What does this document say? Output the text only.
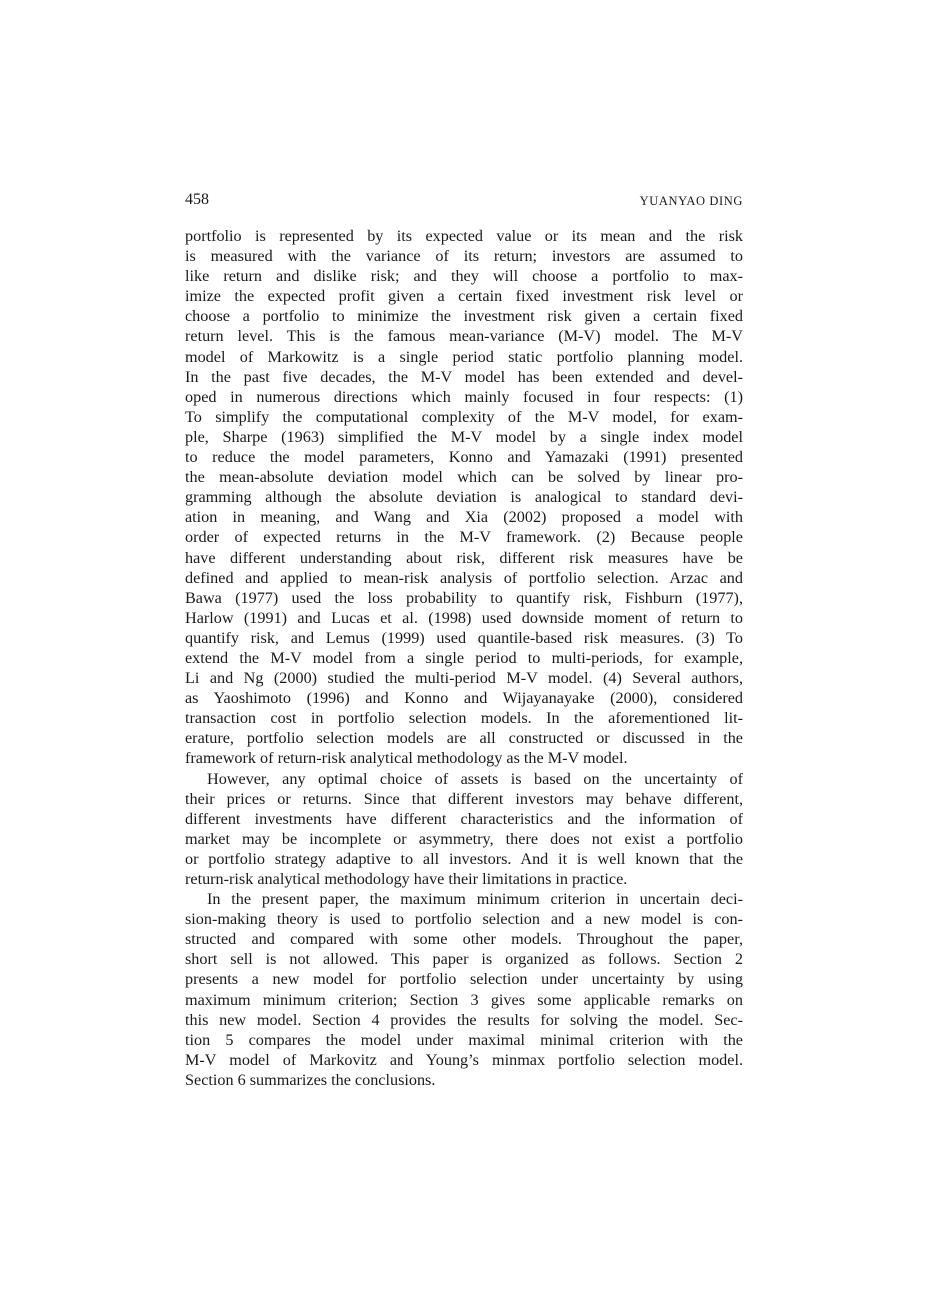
458	YUANYAO DING
portfolio is represented by its expected value or its mean and the risk
is measured with the variance of its return; investors are assumed to
like return and dislike risk; and they will choose a portfolio to max-
imize the expected profit given a certain fixed investment risk level or
choose a portfolio to minimize the investment risk given a certain fixed
return level. This is the famous mean-variance (M-V) model. The M-V
model of Markowitz is a single period static portfolio planning model.
In the past five decades, the M-V model has been extended and devel-
oped in numerous directions which mainly focused in four respects: (1)
To simplify the computational complexity of the M-V model, for exam-
ple, Sharpe (1963) simplified the M-V model by a single index model
to reduce the model parameters, Konno and Yamazaki (1991) presented
the mean-absolute deviation model which can be solved by linear pro-
gramming although the absolute deviation is analogical to standard devi-
ation in meaning, and Wang and Xia (2002) proposed a model with
order of expected returns in the M-V framework. (2) Because people
have different understanding about risk, different risk measures have be
defined and applied to mean-risk analysis of portfolio selection. Arzac and
Bawa (1977) used the loss probability to quantify risk, Fishburn (1977),
Harlow (1991) and Lucas et al. (1998) used downside moment of return to
quantify risk, and Lemus (1999) used quantile-based risk measures. (3) To
extend the M-V model from a single period to multi-periods, for example,
Li and Ng (2000) studied the multi-period M-V model. (4) Several authors,
as Yaoshimoto (1996) and Konno and Wijayanayake (2000), considered
transaction cost in portfolio selection models. In the aforementioned lit-
erature, portfolio selection models are all constructed or discussed in the
framework of return-risk analytical methodology as the M-V model.
However, any optimal choice of assets is based on the uncertainty of
their prices or returns. Since that different investors may behave different,
different investments have different characteristics and the information of
market may be incomplete or asymmetry, there does not exist a portfolio
or portfolio strategy adaptive to all investors. And it is well known that the
return-risk analytical methodology have their limitations in practice.
In the present paper, the maximum minimum criterion in uncertain deci-
sion-making theory is used to portfolio selection and a new model is con-
structed and compared with some other models. Throughout the paper,
short sell is not allowed. This paper is organized as follows. Section 2
presents a new model for portfolio selection under uncertainty by using
maximum minimum criterion; Section 3 gives some applicable remarks on
this new model. Section 4 provides the results for solving the model. Sec-
tion 5 compares the model under maximal minimal criterion with the
M-V model of Markovitz and Young’s minmax portfolio selection model.
Section 6 summarizes the conclusions.
